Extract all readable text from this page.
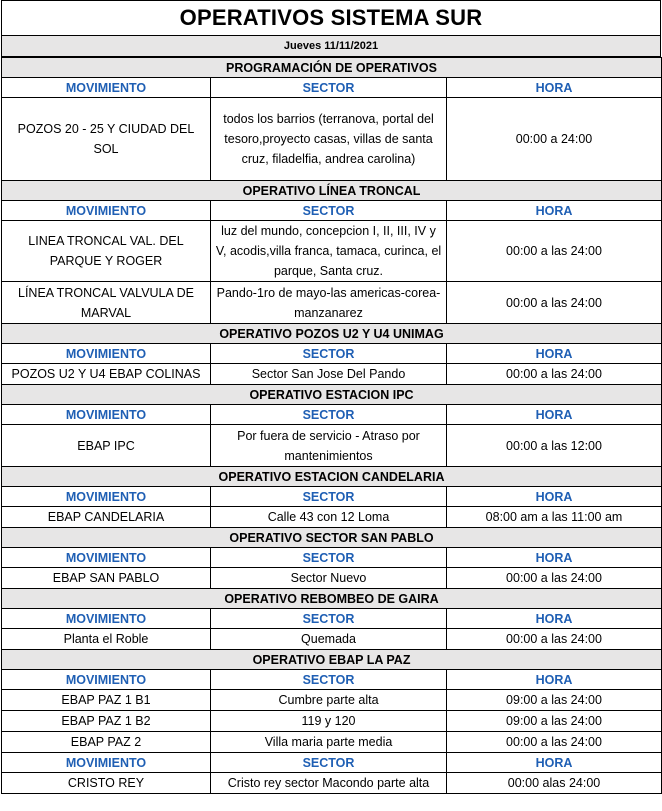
OPERATIVOS SISTEMA SUR
Jueves 11/11/2021
PROGRAMACIÓN DE OPERATIVOS		
MOVIMIENTO	SECTOR	HORA
POZOS 20 - 25 Y CIUDAD DEL SOL	todos los barrios (terranova, portal del tesoro,proyecto casas, villas de santa cruz, filadelfia, andrea carolina)	00:00 a 24:00
OPERATIVO LÍNEA TRONCAL		
MOVIMIENTO	SECTOR	HORA
LINEA TRONCAL VAL. DEL PARQUE Y ROGER	luz del mundo, concepcion I, II, III, IV y V, acodis,villa franca, tamaca, curinca, el parque, Santa cruz.	00:00 a las 24:00
LÍNEA TRONCAL VALVULA DE MARVAL	Pando-1ro de mayo-las americas-corea-manzanarez	00:00 a las 24:00
OPERATIVO POZOS U2 Y U4 UNIMAG		
MOVIMIENTO	SECTOR	HORA
POZOS U2 Y U4 EBAP COLINAS	Sector San Jose Del Pando	00:00 a las 24:00
OPERATIVO ESTACION IPC		
MOVIMIENTO	SECTOR	HORA
EBAP IPC	Por fuera de servicio - Atraso por mantenimientos	00:00 a las 12:00
OPERATIVO ESTACION CANDELARIA		
MOVIMIENTO	SECTOR	HORA
EBAP CANDELARIA	Calle 43 con 12 Loma	08:00 am a las 11:00 am
OPERATIVO SECTOR SAN PABLO		
MOVIMIENTO	SECTOR	HORA
EBAP SAN PABLO	Sector Nuevo	00:00 a las 24:00
OPERATIVO REBOMBEO DE GAIRA		
MOVIMIENTO	SECTOR	HORA
Planta el Roble	Quemada	00:00 a las 24:00
OPERATIVO EBAP LA PAZ		
MOVIMIENTO	SECTOR	HORA
EBAP PAZ 1 B1	Cumbre parte alta	09:00 a las 24:00
EBAP PAZ 1 B2	119 y 120	09:00 a las 24:00
EBAP PAZ 2	Villa maria parte media	00:00 a las 24:00
MOVIMIENTO	SECTOR	HORA
CRISTO REY	Cristo rey sector Macondo parte alta	00:00 alas 24:00
